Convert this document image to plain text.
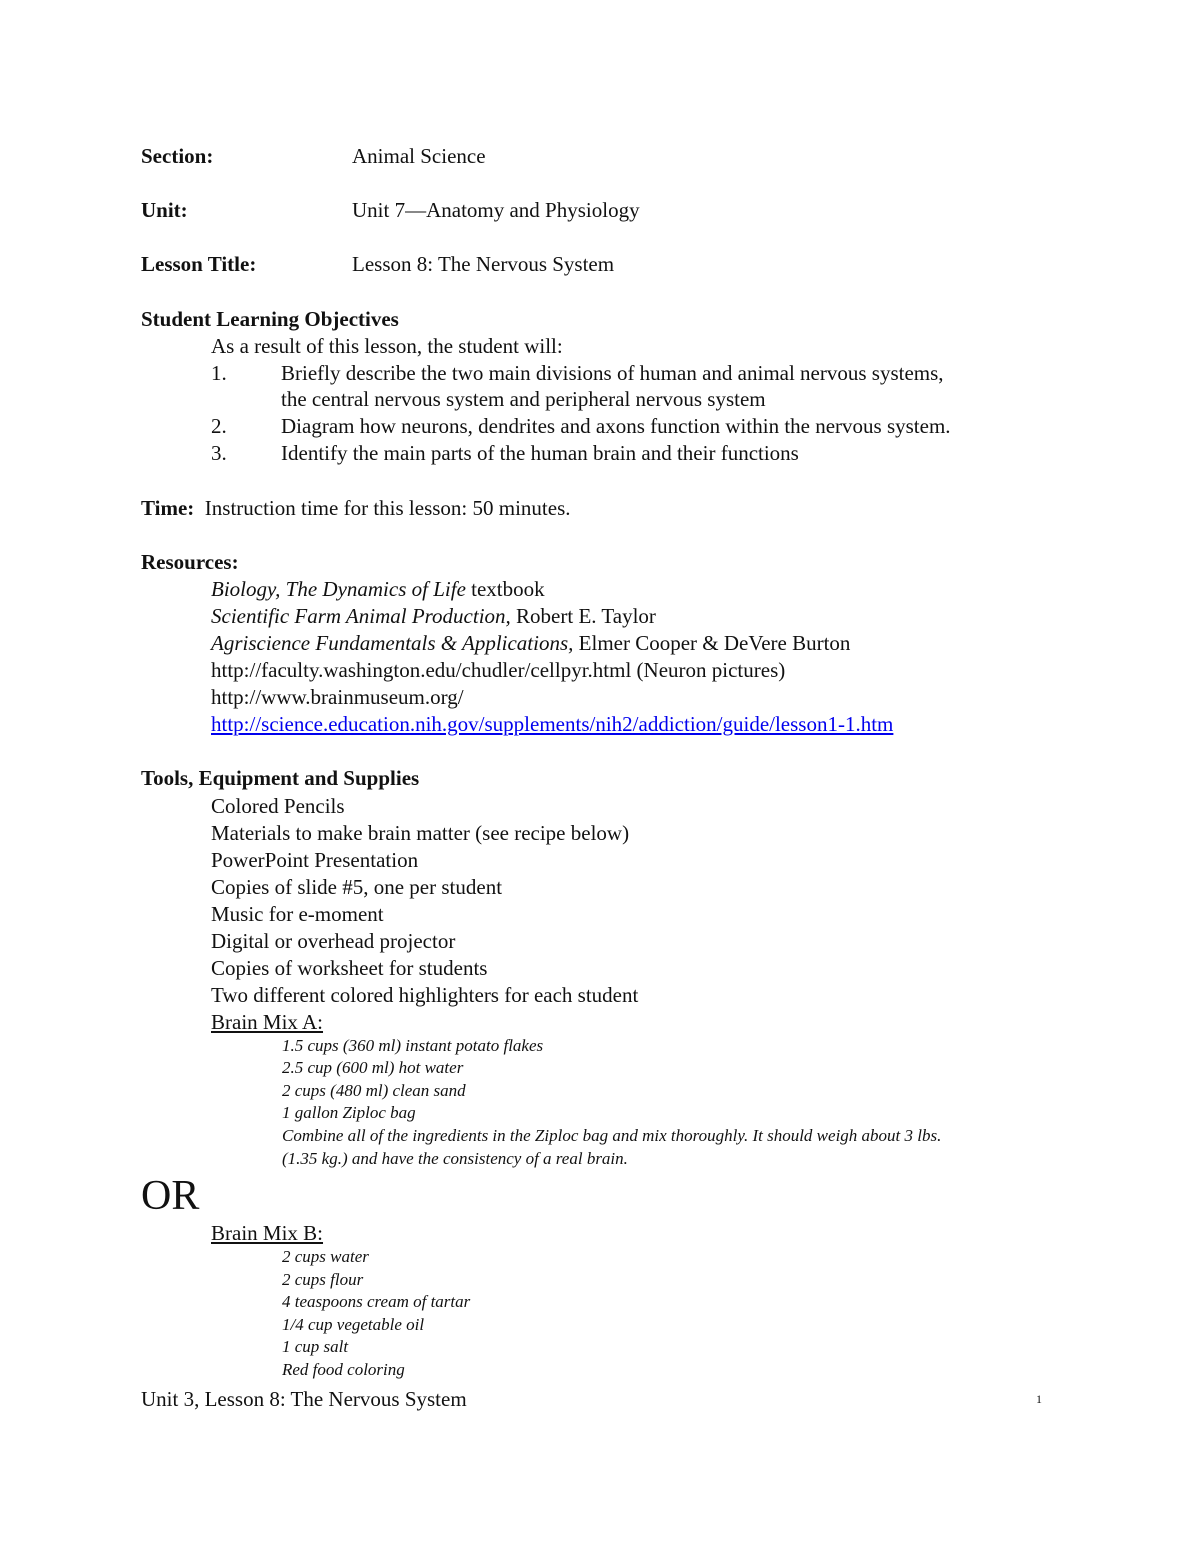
Section:	Animal Science
Unit:	Unit 7—Anatomy and Physiology
Lesson Title:	Lesson 8: The Nervous System
Student Learning Objectives
As a result of this lesson, the student will:
1.	Briefly describe the two main divisions of human and animal nervous systems,
the central nervous system and peripheral nervous system
2.	Diagram how neurons, dendrites and axons function within the nervous system.
3.	Identify the main parts of the human brain and their functions
Time: Instruction time for this lesson: 50 minutes.
Resources:
Biology, The Dynamics of Life textbook
Scientific Farm Animal Production, Robert E. Taylor
Agriscience Fundamentals & Applications, Elmer Cooper & DeVere Burton
http://faculty.washington.edu/chudler/cellpyr.html (Neuron pictures)
http://www.brainmuseum.org/
http://science.education.nih.gov/supplements/nih2/addiction/guide/lesson1-1.htm
Tools, Equipment and Supplies
Colored Pencils
Materials to make brain matter (see recipe below)
PowerPoint Presentation
Copies of slide #5, one per student
Music for e-moment
Digital or overhead projector
Copies of worksheet for students
Two different colored highlighters for each student
Brain Mix A:
1.5 cups (360 ml) instant potato flakes
2.5 cup (600 ml) hot water
2 cups (480 ml) clean sand
1 gallon Ziploc bag
Combine all of the ingredients in the Ziploc bag and mix thoroughly. It should weigh about 3 lbs.
(1.35 kg.) and have the consistency of a real brain.
OR
Brain Mix B:
2 cups water
2 cups flour
4 teaspoons cream of tartar
1/4 cup vegetable oil
1 cup salt
Red food coloring
Unit 3, Lesson 8: The Nervous System	1
